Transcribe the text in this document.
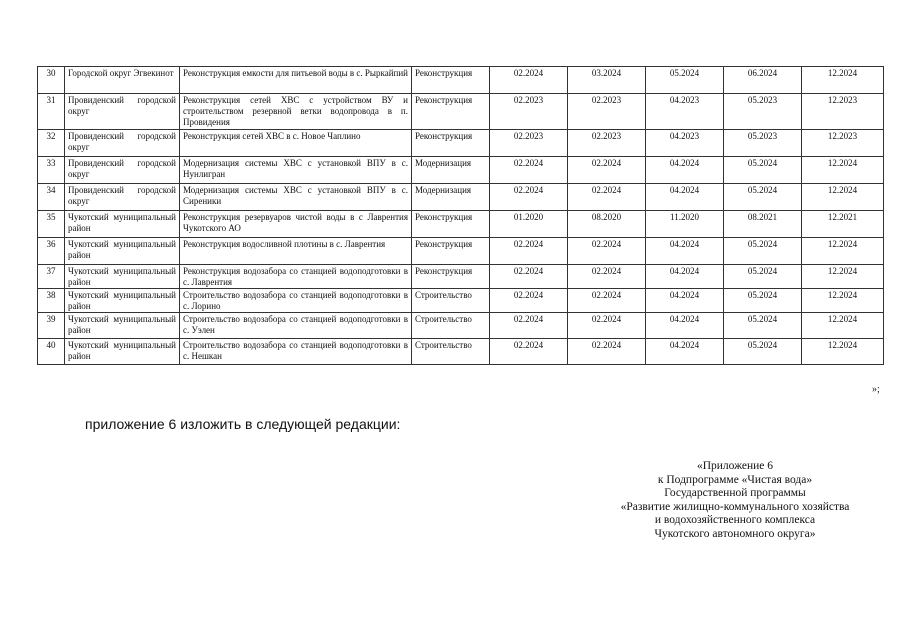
30	Городской округ Эгвекинот	Реконструкция емкости для питьевой воды в с. Рыркайпий	Реконструкция	02.2024	03.2024	05.2024	06.2024	12.2024
31	Провиденский городской округ	Реконструкция сетей ХВС с устройством ВУ и строительством резервной ветки водопровода в п. Провидения	Реконструкция	02.2023	02.2023	04.2023	05.2023	12.2023
32	Провиденский городской округ	Реконструкция сетей ХВС в с. Новое Чаплино	Реконструкция	02.2023	02.2023	04.2023	05.2023	12.2023
33	Провиденский городской округ	Модернизация системы ХВС с установкой ВПУ в с. Нунлигран	Модернизация	02.2024	02.2024	04.2024	05.2024	12.2024
34	Провиденский городской округ	Модернизация системы ХВС с установкой ВПУ в с. Сиреники	Модернизация	02.2024	02.2024	04.2024	05.2024	12.2024
35	Чукотский муниципальный район	Реконструкция резервуаров чистой воды в с Лаврентия Чукотского АО	Реконструкция	01.2020	08.2020	11.2020	08.2021	12.2021
36	Чукотский муниципальный район	Реконструкция водосливной плотины в с. Лаврентия	Реконструкция	02.2024	02.2024	04.2024	05.2024	12.2024
37	Чукотский муниципальный район	Реконструкция водозабора со станцией водоподготовки в с. Лаврентия	Реконструкция	02.2024	02.2024	04.2024	05.2024	12.2024
38	Чукотский муниципальный район	Строительство водозабора со станцией водоподготовки в с. Лорино	Строительство	02.2024	02.2024	04.2024	05.2024	12.2024
39	Чукотский муниципальный район	Строительство водозабора со станцией водоподготовки в с. Уэлен	Строительство	02.2024	02.2024	04.2024	05.2024	12.2024
40	Чукотский муниципальный район	Строительство водозабора со станцией водоподготовки в с. Нешкан	Строительство	02.2024	02.2024	04.2024	05.2024	12.2024
»;
приложение 6 изложить в следующей редакции:
«Приложение 6
к Подпрограмме «Чистая вода»
Государственной программы
«Развитие жилищно-коммунального хозяйства
и водохозяйственного комплекса
Чукотского автономного округа»
